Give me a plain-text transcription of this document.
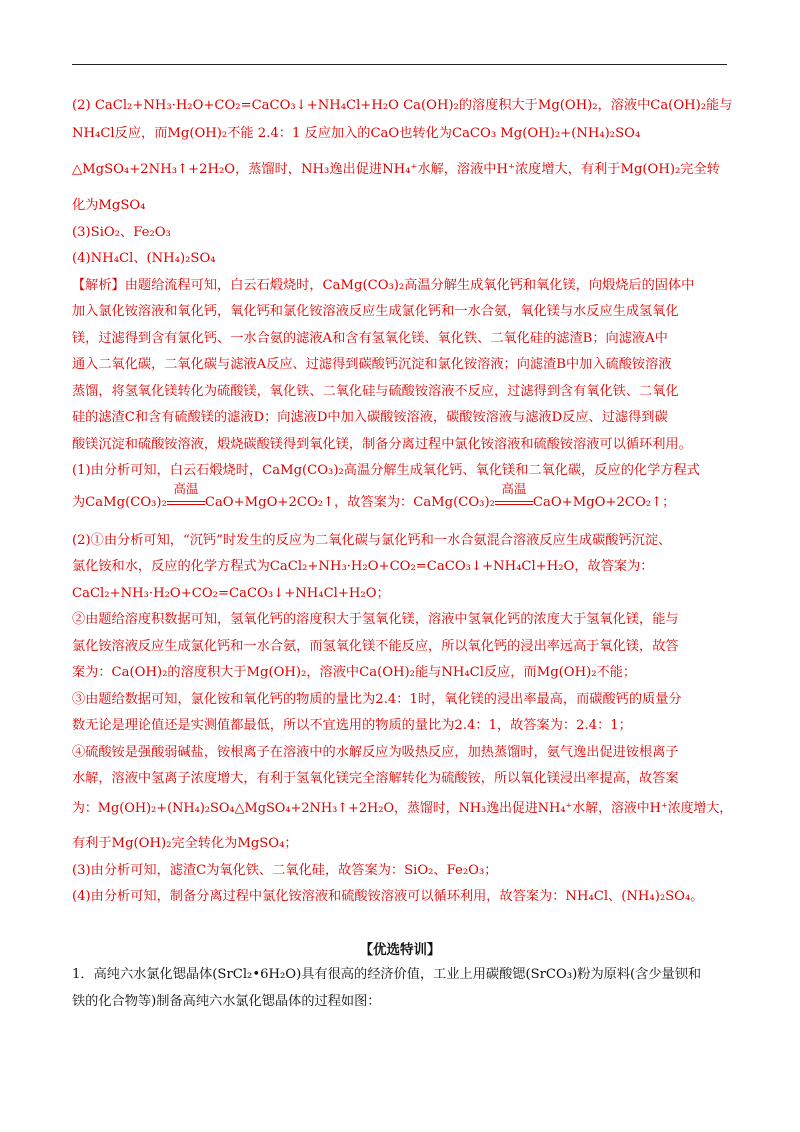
(2) CaCl₂+NH₃·H₂O+CO₂=CaCO₃↓+NH₄Cl+H₂O Ca(OH)₂的溶度积大于Mg(OH)₂，溶液中Ca(OH)₂能与
NH₄Cl反应，而Mg(OH)₂不能 2.4：1 反应加入的CaO也转化为CaCO₃ Mg(OH)₂+(NH₄)₂SO₄
△MgSO₄+2NH₃↑+2H₂O，蒸馏时，NH₃逸出促进NH₄⁺水解，溶液中H⁺浓度增大，有利于Mg(OH)₂完全转
化为MgSO₄
(3)SiO₂、Fe₂O₃
(4)NH₄Cl、(NH₄)₂SO₄
【解析】由题给流程可知，白云石煅烧时，CaMg(CO₃)₂高温分解生成氧化钙和氧化镁，向煅烧后的固体中
加入氯化铵溶液和氧化钙，氧化钙和氯化铵溶液反应生成氯化钙和一水合氨，氧化镁与水反应生成氢氧化
镁，过滤得到含有氯化钙、一水合氨的滤液A和含有氢氧化镁、氧化铁、二氧化硅的滤渣B；向滤液A中
通入二氧化碳，二氧化碳与滤液A反应、过滤得到碳酸钙沉淀和氯化铵溶液；向滤渣B中加入硫酸铵溶液
蒸馏，将氢氧化镁转化为硫酸镁，氧化铁、二氧化硅与硫酸铵溶液不反应，过滤得到含有氧化铁、二氧化
硅的滤渣C和含有硫酸镁的滤液D；向滤液D中加入碳酸铵溶液，碳酸铵溶液与滤液D反应、过滤得到碳
酸镁沉淀和硫酸铵溶液，煅烧碳酸镁得到氧化镁，制备分离过程中氯化铵溶液和硫酸铵溶液可以循环利用。
(1)由分析可知，白云石煅烧时，CaMg(CO₃)₂高温分解生成氧化钙、氧化镁和二氧化碳，反应的化学方程式
为CaMg(CO₃)₂
高温
CaO+MgO+2CO₂↑，故答案为：CaMg(CO₃)₂
高温
CaO+MgO+2CO₂↑；
(2)①由分析可知，“沉钙”时发生的反应为二氧化碳与氯化钙和一水合氨混合溶液反应生成碳酸钙沉淀、
氯化铵和水，反应的化学方程式为CaCl₂+NH₃·H₂O+CO₂=CaCO₃↓+NH₄Cl+H₂O，故答案为：
CaCl₂+NH₃·H₂O+CO₂=CaCO₃↓+NH₄Cl+H₂O；
②由题给溶度积数据可知，氢氧化钙的溶度积大于氢氧化镁，溶液中氢氧化钙的浓度大于氢氧化镁，能与
氯化铵溶液反应生成氯化钙和一水合氨，而氢氧化镁不能反应，所以氧化钙的浸出率远高于氧化镁，故答
案为：Ca(OH)₂的溶度积大于Mg(OH)₂，溶液中Ca(OH)₂能与NH₄Cl反应，而Mg(OH)₂不能；
③由题给数据可知，氯化铵和氧化钙的物质的量比为2.4：1时，氧化镁的浸出率最高，而碳酸钙的质量分
数无论是理论值还是实测值都最低，所以不宜选用的物质的量比为2.4：1，故答案为：2.4：1；
④硫酸铵是强酸弱碱盐，铵根离子在溶液中的水解反应为吸热反应，加热蒸馏时，氨气逸出促进铵根离子
水解，溶液中氢离子浓度增大，有利于氢氧化镁完全溶解转化为硫酸铵，所以氧化镁浸出率提高，故答案
为：Mg(OH)₂+(NH₄)₂SO₄△MgSO₄+2NH₃↑+2H₂O，蒸馏时，NH₃逸出促进NH₄⁺水解，溶液中H⁺浓度增大，
有利于Mg(OH)₂完全转化为MgSO₄；
(3)由分析可知，滤渣C为氧化铁、二氧化硅，故答案为：SiO₂、Fe₂O₃；
(4)由分析可知，制备分离过程中氯化铵溶液和硫酸铵溶液可以循环利用，故答案为：NH₄Cl、(NH₄)₂SO₄。
【优选特训】
1．高纯六水氯化锶晶体(SrCl₂•6H₂O)具有很高的经济价值，工业上用碳酸锶(SrCO₃)粉为原料(含少量钡和
铁的化合物等)制备高纯六水氯化锶晶体的过程如图：
